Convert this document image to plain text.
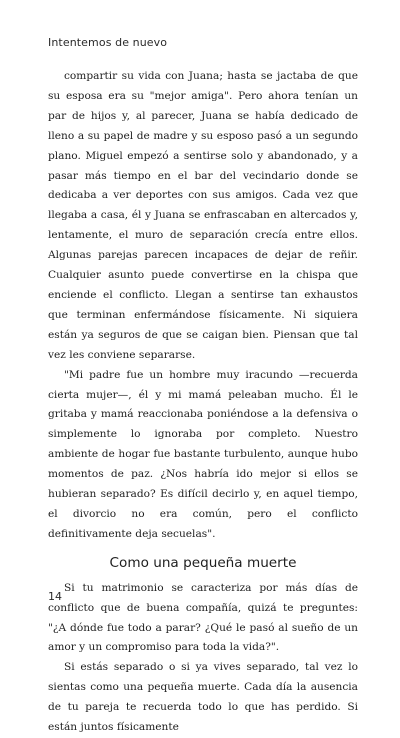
Intentemos de nuevo

compartir su vida con Juana; hasta se jactaba de que su esposa era su "mejor amiga". Pero ahora tenían un par de hijos y, al parecer, Juana se había dedicado de lleno a su papel de madre y su esposo pasó a un segundo plano. Miguel empezó a sentirse solo y abandonado, y a pasar más tiempo en el bar del vecindario donde se dedicaba a ver deportes con sus amigos. Cada vez que llegaba a casa, él y Juana se enfrascaban en altercados y, lentamente, el muro de separación crecía entre ellos. Algunas parejas parecen incapaces de dejar de reñir. Cualquier asunto puede convertirse en la chispa que enciende el conflicto. Llegan a sentirse tan exhaustos que terminan enfermándose físicamente. Ni siquiera están ya seguros de que se caigan bien. Piensan que tal vez les conviene separarse.

"Mi padre fue un hombre muy iracundo —recuerda cierta mujer—, él y mi mamá peleaban mucho. Él le gritaba y mamá reaccionaba poniéndose a la defensiva o simplemente lo ignoraba por completo. Nuestro ambiente de hogar fue bastante turbulento, aunque hubo momentos de paz. ¿Nos habría ido mejor si ellos se hubieran separado? Es difícil decirlo y, en aquel tiempo, el divorcio no era común, pero el conflicto definitivamente deja secuelas".

Como una pequeña muerte

Si tu matrimonio se caracteriza por más días de conflicto que de buena compañía, quizá te preguntes: "¿A dónde fue todo a parar? ¿Qué le pasó al sueño de un amor y un compromiso para toda la vida?".

Si estás separado o si ya vives separado, tal vez lo sientas como una pequeña muerte. Cada día la ausencia de tu pareja te recuerda todo lo que has perdido. Si están juntos físicamente

14
